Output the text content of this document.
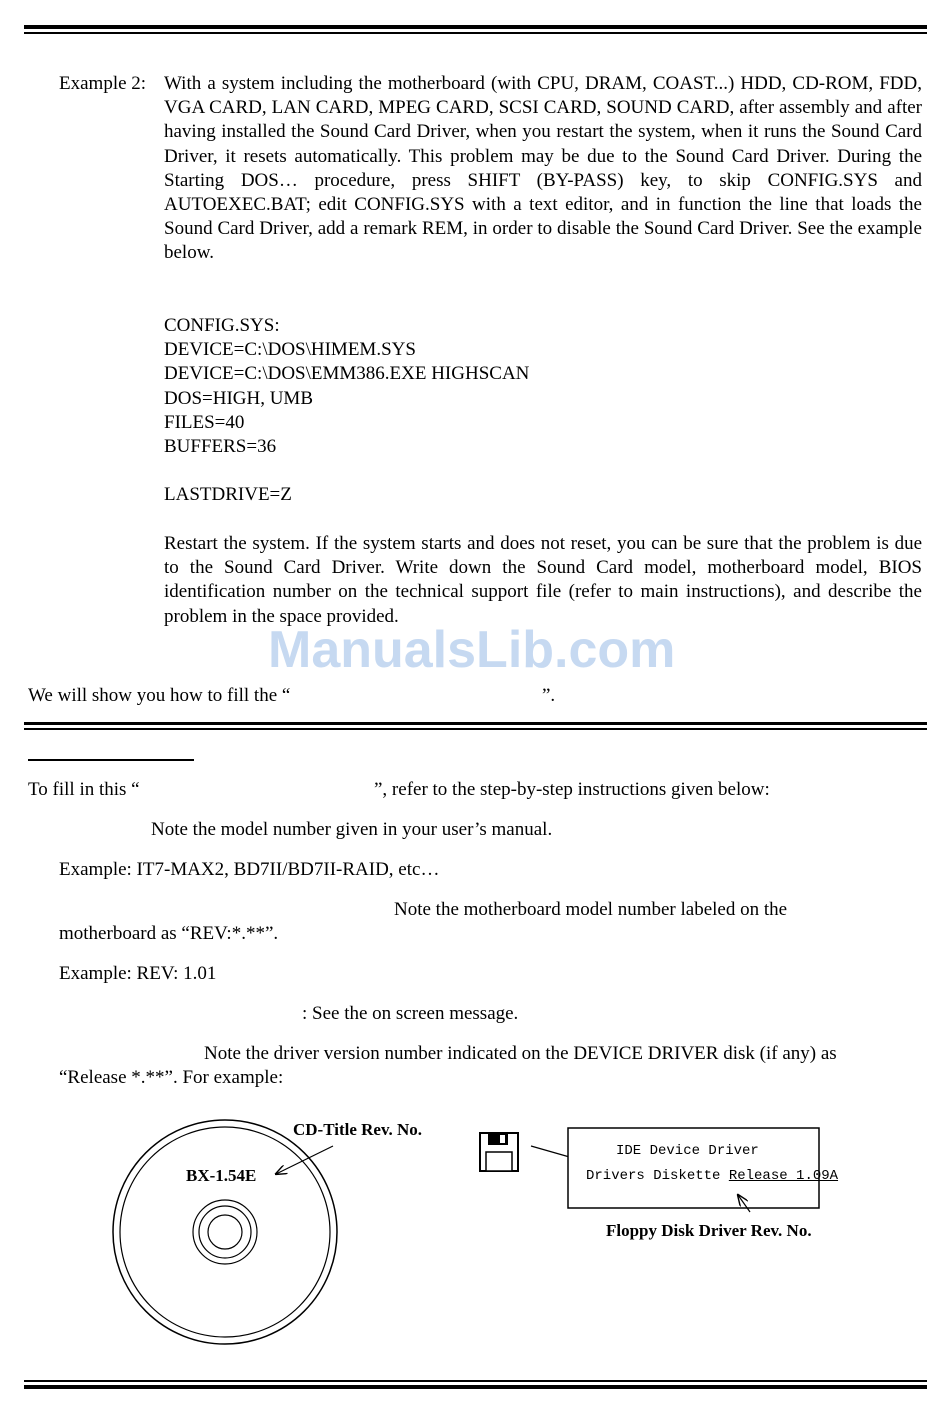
Example 2: With a system including the motherboard (with CPU, DRAM, COAST...) HDD, CD-ROM, FDD, VGA CARD, LAN CARD, MPEG CARD, SCSI CARD, SOUND CARD, after assembly and after having installed the Sound Card Driver, when you restart the system, when it runs the Sound Card Driver, it resets automatically. This problem may be due to the Sound Card Driver. During the Starting DOS… procedure, press SHIFT (BY-PASS) key, to skip CONFIG.SYS and AUTOEXEC.BAT; edit CONFIG.SYS with a text editor, and in function the line that loads the Sound Card Driver, add a remark REM, in order to disable the Sound Card Driver. See the example below.
CONFIG.SYS:
DEVICE=C:\DOS\HIMEM.SYS
DEVICE=C:\DOS\EMM386.EXE HIGHSCAN
DOS=HIGH, UMB
FILES=40
BUFFERS=36
LASTDRIVE=Z
Restart the system. If the system starts and does not reset, you can be sure that the problem is due to the Sound Card Driver. Write down the Sound Card model, motherboard model, BIOS identification number on the technical support file (refer to main instructions), and describe the problem in the space provided.
ManualsLib.com
We will show you how to fill the “	”.
To fill in this “	”, refer to the step-by-step instructions given below:
Note the model number given in your user’s manual.
Example: IT7-MAX2, BD7II/BD7II-RAID, etc…
Note the motherboard model number labeled on the
motherboard as “REV:*.**”.
Example: REV: 1.01
: See the on screen message.
Note the driver version number indicated on the DEVICE DRIVER disk (if any) as
“Release *.**”. For example:
CD-Title Rev. No.
BX-1.54E
IDE Device Driver
Drivers Diskette Release 1.09A
Floppy Disk Driver Rev. No.
